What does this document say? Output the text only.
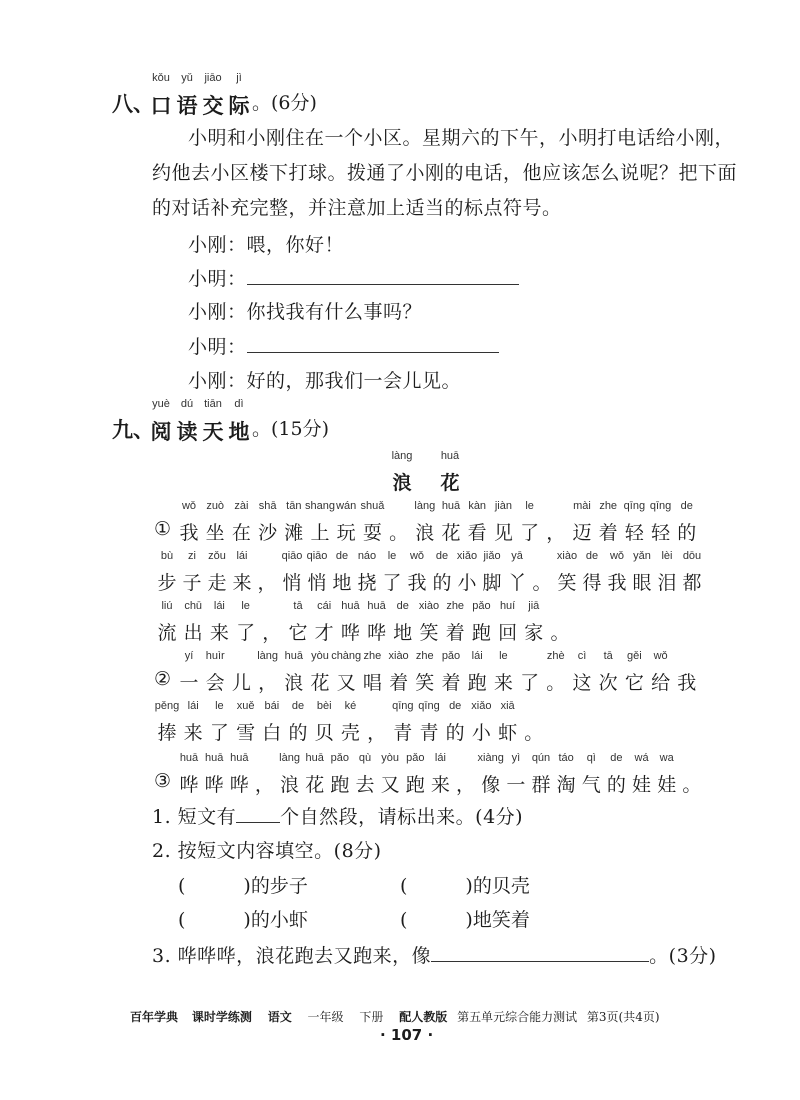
八、
kǒu
口
yǔ
语
jiāo
交
jì
际 。(6分)
小明和小刚住在一个小区。星期六的下午，小明打电话给小刚，
约他去小区楼下打球。拨通了小刚的电话，他应该怎么说呢？把下面
的对话补充完整，并注意加上适当的标点符号。
小刚：喂，你好！
小明：
小刚：你找我有什么事吗？
小明：
小刚：好的，那我们一会儿见。
九、
yuè
阅
dú
读
tiān
天
dì
地 。(15分)
làng
浪
huā
花
①
wǒ
我
zuò
坐
zài
在
shā
沙
tān
滩
shang
上
wán
玩
shuǎ
耍 。
làng
浪
huā
花
kàn
看
jiàn
见
le
了 ，
mài
迈
zhe
着
qīng
轻
qīng
轻
de
的
bù
步
zi
子
zǒu
走
lái
来 ，
qiāo
悄
qiāo
悄
de
地
náo
挠
le
了
wǒ
我
de
的
xiǎo
小
jiǎo
脚
yā
丫 。
xiào
笑
de
得
wǒ
我
yǎn
眼
lèi
泪
dōu
都
liú
流
chū
出
lái
来
le
了 ，
tā
它
cái
才
huā
哗
huā
哗
de
地
xiào
笑
zhe
着
pǎo
跑
huí
回
jiā
家 。
②
yí
一
huìr
会 儿
làng
，
huā
浪
yòu
花
chàng
又
zhe
唱
xiào
着
zhe
笑
pǎo
着
lái
跑
le
来 了
zhè
。
cì
这
tā
次
gěi
它
wǒ
给 我
pěng
捧
lái
来
le
了
xuě
雪
bái
白
de
的
bèi
贝
ké
壳 ，
qīng
青
qīng
青
de
的
xiǎo
小
xiā
虾 。
③
huā
哗
huā
哗
huā
哗 ，
làng
浪
huā
花
pǎo
跑
qù
去
yòu
又
pǎo
跑
lái
来 ，
xiàng
像
yì
一
qún
群
táo
淘
qì
气
de
的
wá
娃
wa
娃 。
1. 短文有 个自然段，请标出来。(4分)
2. 按短文内容填空。(8分)
(	)的步子	(	)的贝壳
(	)的小虾	(	)地笑着
3. 哗哗哗，浪花跑去又跑来，像	。(3分)
百年学典 课时学练测 语文 一年级 下册 配人教版 第五单元综合能力测试 第3页(共4页)
· 107 ·
